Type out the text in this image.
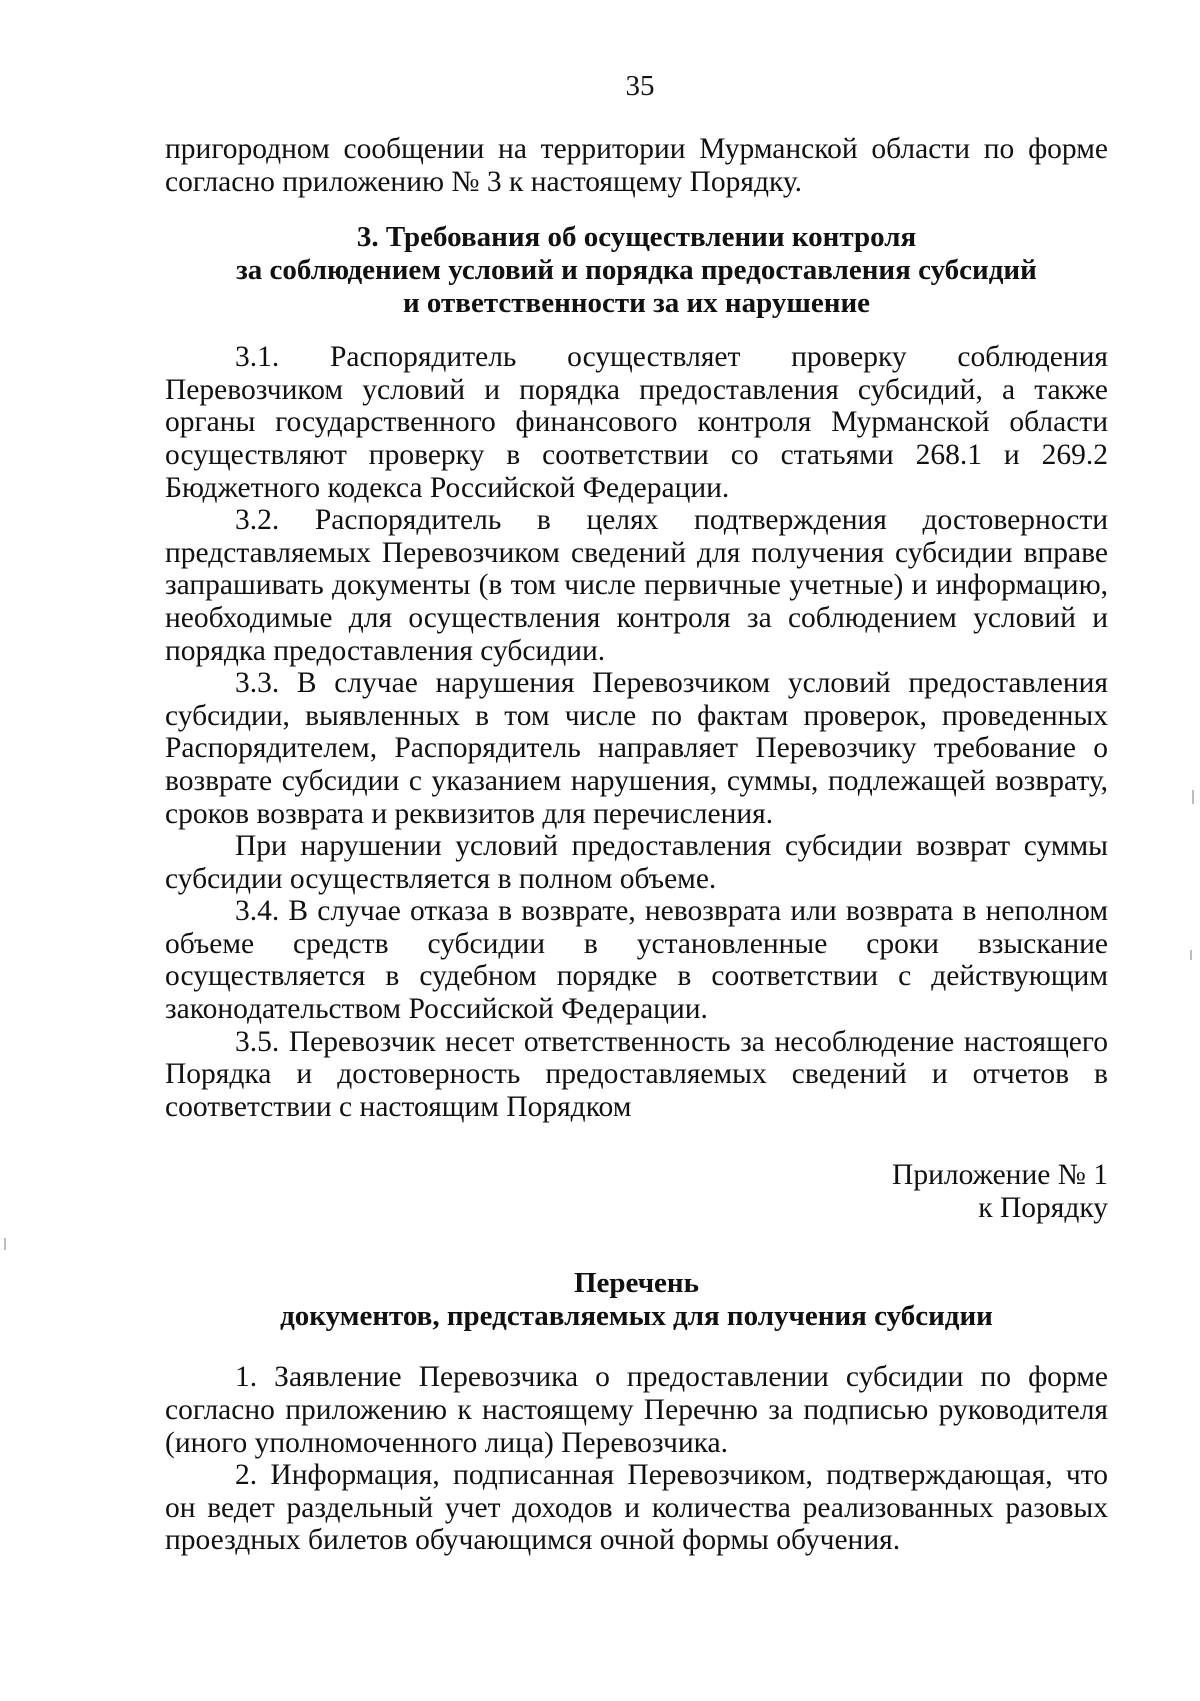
35

пригородном сообщении на территории Мурманской области по форме согласно приложению № 3 к настоящему Порядку.

3. Требования об осуществлении контроля
за соблюдением условий и порядка предоставления субсидий
и ответственности за их нарушение

3.1. Распорядитель осуществляет проверку соблюдения Перевозчиком условий и порядка предоставления субсидий, а также органы государственного финансового контроля Мурманской области осуществляют проверку в соответствии со статьями 268.1 и 269.2 Бюджетного кодекса Российской Федерации.

3.2. Распорядитель в целях подтверждения достоверности представляемых Перевозчиком сведений для получения субсидии вправе запрашивать документы (в том числе первичные учетные) и информацию, необходимые для осуществления контроля за соблюдением условий и порядка предоставления субсидии.

3.3. В случае нарушения Перевозчиком условий предоставления субсидии, выявленных в том числе по фактам проверок, проведенных Распорядителем, Распорядитель направляет Перевозчику требование о возврате субсидии с указанием нарушения, суммы, подлежащей возврату, сроков возврата и реквизитов для перечисления.

При нарушении условий предоставления субсидии возврат суммы субсидии осуществляется в полном объеме.

3.4. В случае отказа в возврате, невозврата или возврата в неполном объеме средств субсидии в установленные сроки взыскание осуществляется в судебном порядке в соответствии с действующим законодательством Российской Федерации.

3.5. Перевозчик несет ответственность за несоблюдение настоящего Порядка и достоверность предоставляемых сведений и отчетов в соответствии с настоящим Порядком

Приложение № 1
к Порядку
Перечень
документов, представляемых для получения субсидии

1. Заявление Перевозчика о предоставлении субсидии по форме согласно приложению к настоящему Перечню за подписью руководителя (иного уполномоченного лица) Перевозчика.

2. Информация, подписанная Перевозчиком, подтверждающая, что он ведет раздельный учет доходов и количества реализованных разовых проездных билетов обучающимся очной формы обучения.
